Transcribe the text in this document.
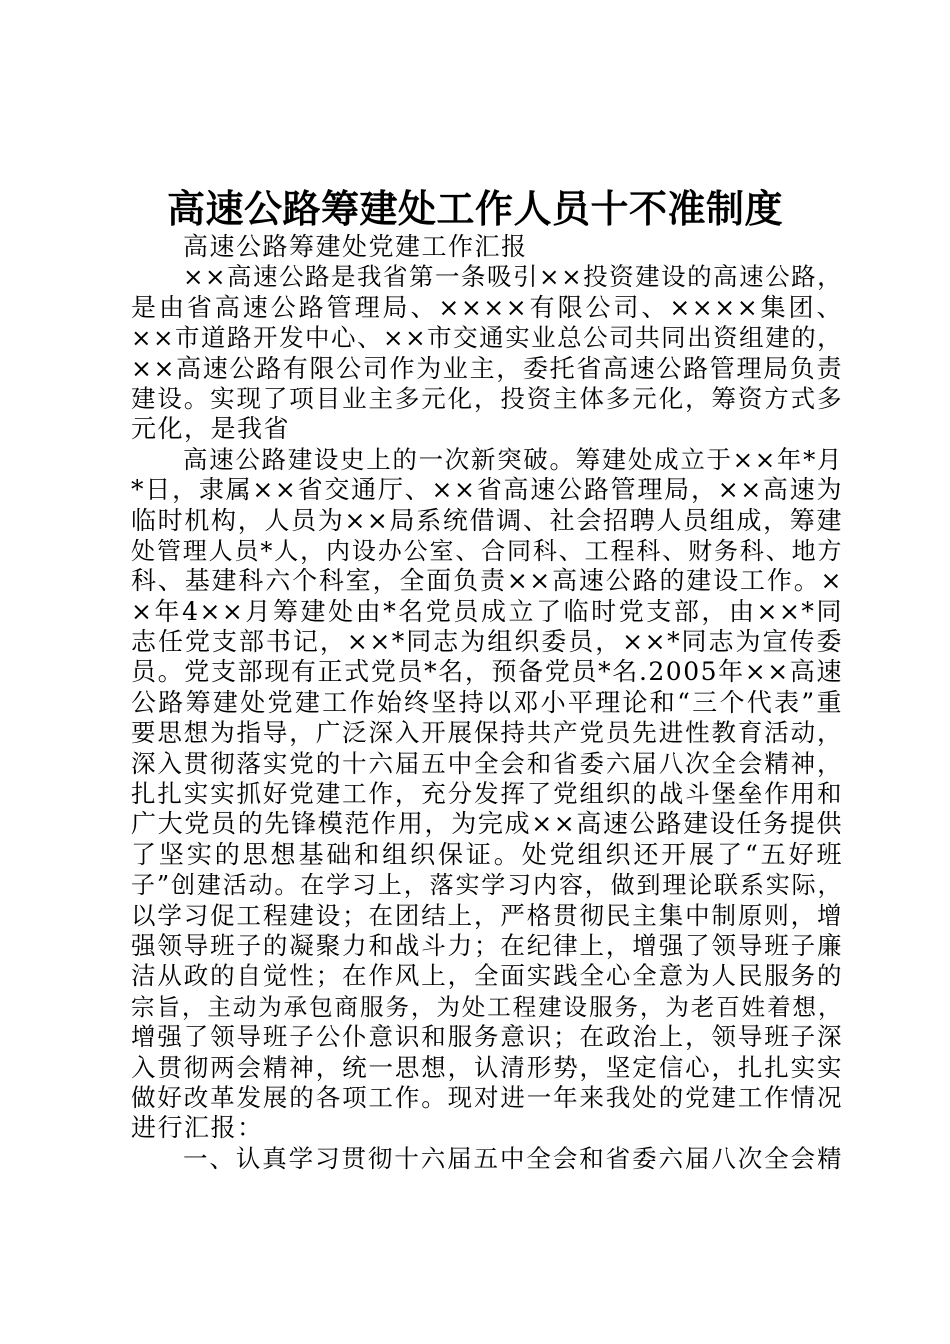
高速公路筹建处工作人员十不准制度
高速公路筹建处党建工作汇报
××高速公路是我省第一条吸引××投资建设的高速公路，
是由省高速公路管理局、××××有限公司、××××集团、
××市道路开发中心、××市交通实业总公司共同出资组建的，
××高速公路有限公司作为业主，委托省高速公路管理局负责
建设。实现了项目业主多元化，投资主体多元化，筹资方式多
元化，是我省
高速公路建设史上的一次新突破。筹建处成立于××年*月
*日，隶属××省交通厅、××省高速公路管理局，××高速为
临时机构，人员为××局系统借调、社会招聘人员组成，筹建
处管理人员*人，内设办公室、合同科、工程科、财务科、地方
科、基建科六个科室，全面负责××高速公路的建设工作。×
×年4××月筹建处由*名党员成立了临时党支部，由××*同
志任党支部书记，××*同志为组织委员，××*同志为宣传委
员。党支部现有正式党员*名，预备党员*名.2005年××高速
公路筹建处党建工作始终坚持以邓小平理论和“三个代表”重
要思想为指导，广泛深入开展保持共产党员先进性教育活动，
深入贯彻落实党的十六届五中全会和省委六届八次全会精神，
扎扎实实抓好党建工作，充分发挥了党组织的战斗堡垒作用和
广大党员的先锋模范作用，为完成××高速公路建设任务提供
了坚实的思想基础和组织保证。处党组织还开展了“五好班
子”创建活动。在学习上，落实学习内容，做到理论联系实际，
以学习促工程建设；在团结上，严格贯彻民主集中制原则，增
强领导班子的凝聚力和战斗力；在纪律上，增强了领导班子廉
洁从政的自觉性；在作风上，全面实践全心全意为人民服务的
宗旨，主动为承包商服务，为处工程建设服务，为老百姓着想，
增强了领导班子公仆意识和服务意识；在政治上，领导班子深
入贯彻两会精神，统一思想，认清形势，坚定信心，扎扎实实
做好改革发展的各项工作。现对进一年来我处的党建工作情况
进行汇报：
一、认真学习贯彻十六届五中全会和省委六届八次全会精
